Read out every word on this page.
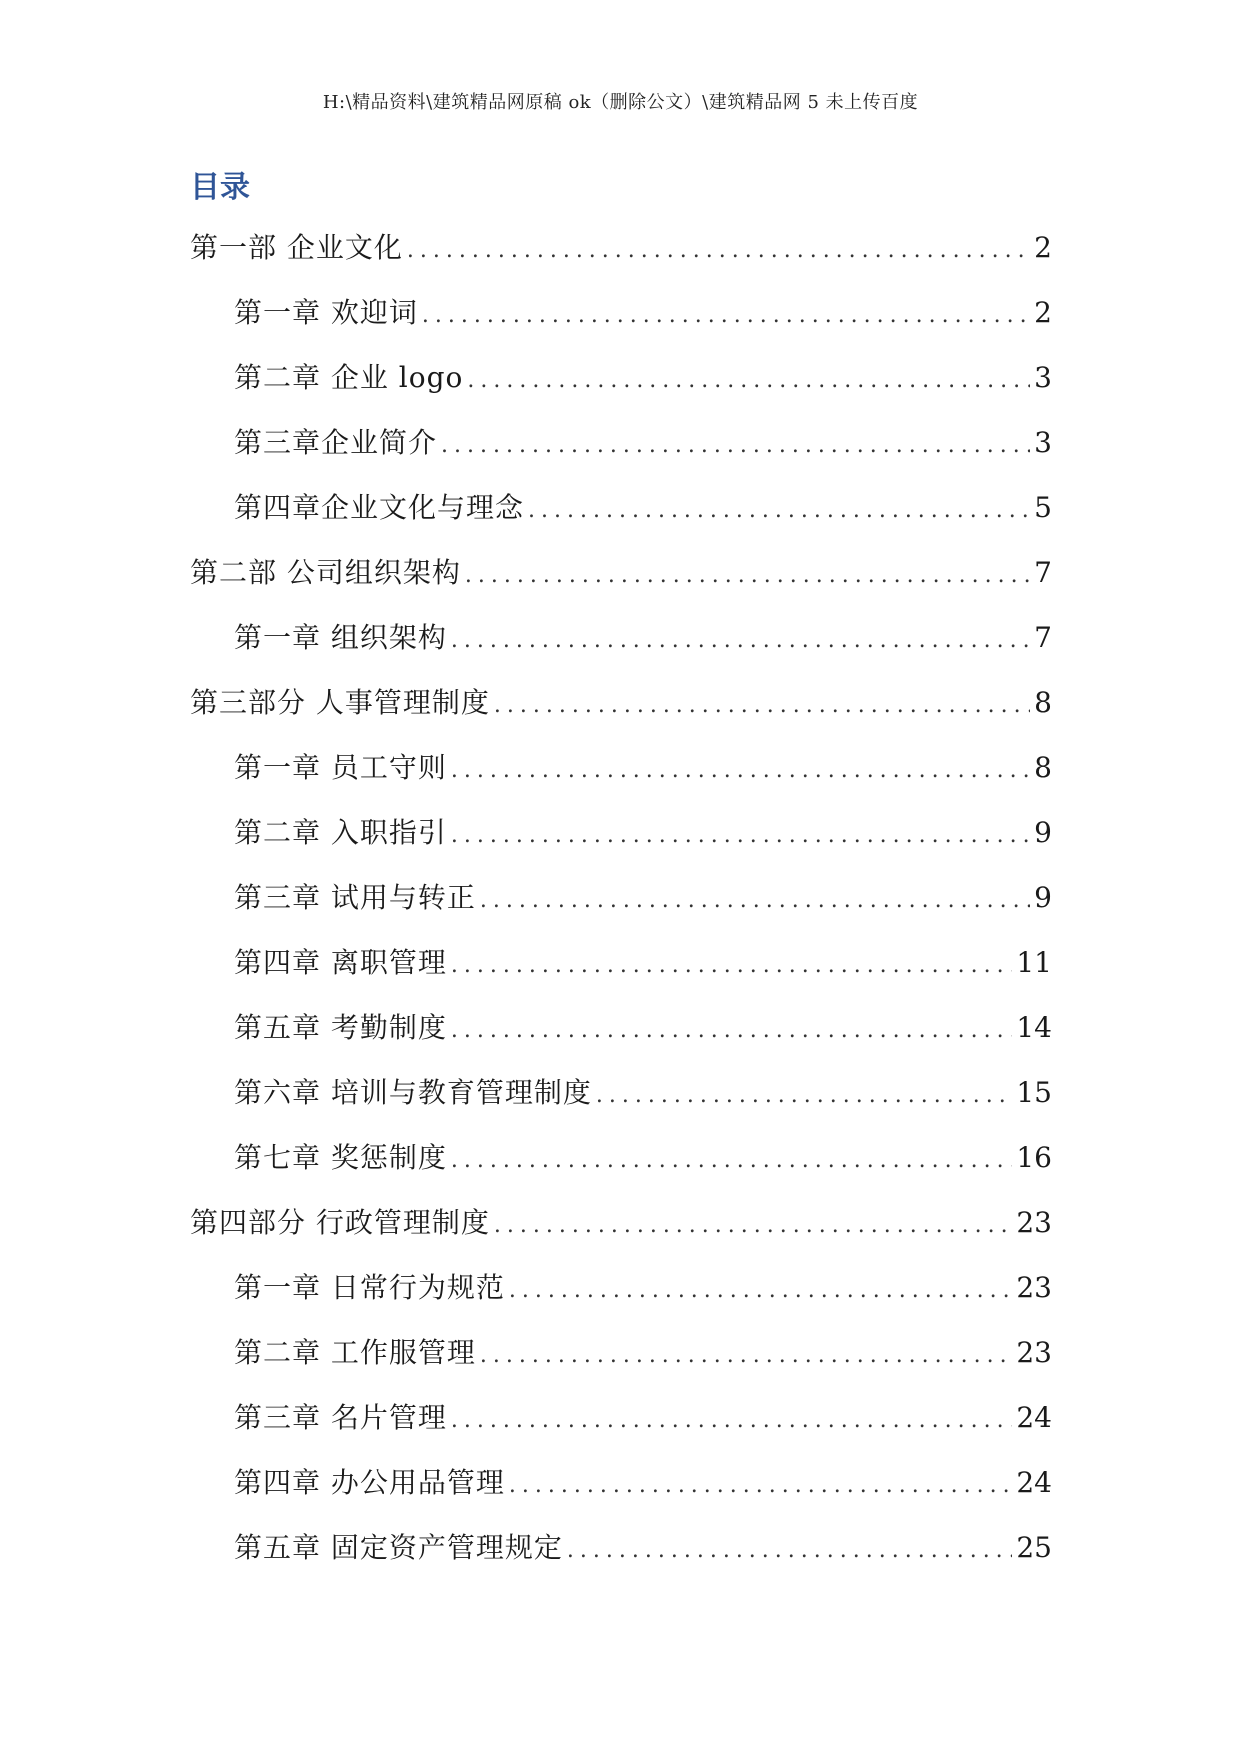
H:\精品资料\建筑精品网原稿 ok（删除公文）\建筑精品网 5 未上传百度
目录
第一部 企业文化 .....	2
第一章 欢迎词 .....	2
第二章 企业 logo .....	3
第三章企业简介 .....	3
第四章企业文化与理念 .....	5
第二部 公司组织架构 .....	7
第一章 组织架构 .....	7
第三部分 人事管理制度 .....	8
第一章 员工守则 .....	8
第二章 入职指引 .....	9
第三章 试用与转正 .....	9
第四章 离职管理 .....	11
第五章 考勤制度 .....	14
第六章 培训与教育管理制度 .....	15
第七章 奖惩制度 .....	16
第四部分 行政管理制度 .....	23
第一章 日常行为规范 .....	23
第二章 工作服管理 .....	23
第三章 名片管理 .....	24
第四章 办公用品管理 .....	24
第五章 固定资产管理规定 .....	25
